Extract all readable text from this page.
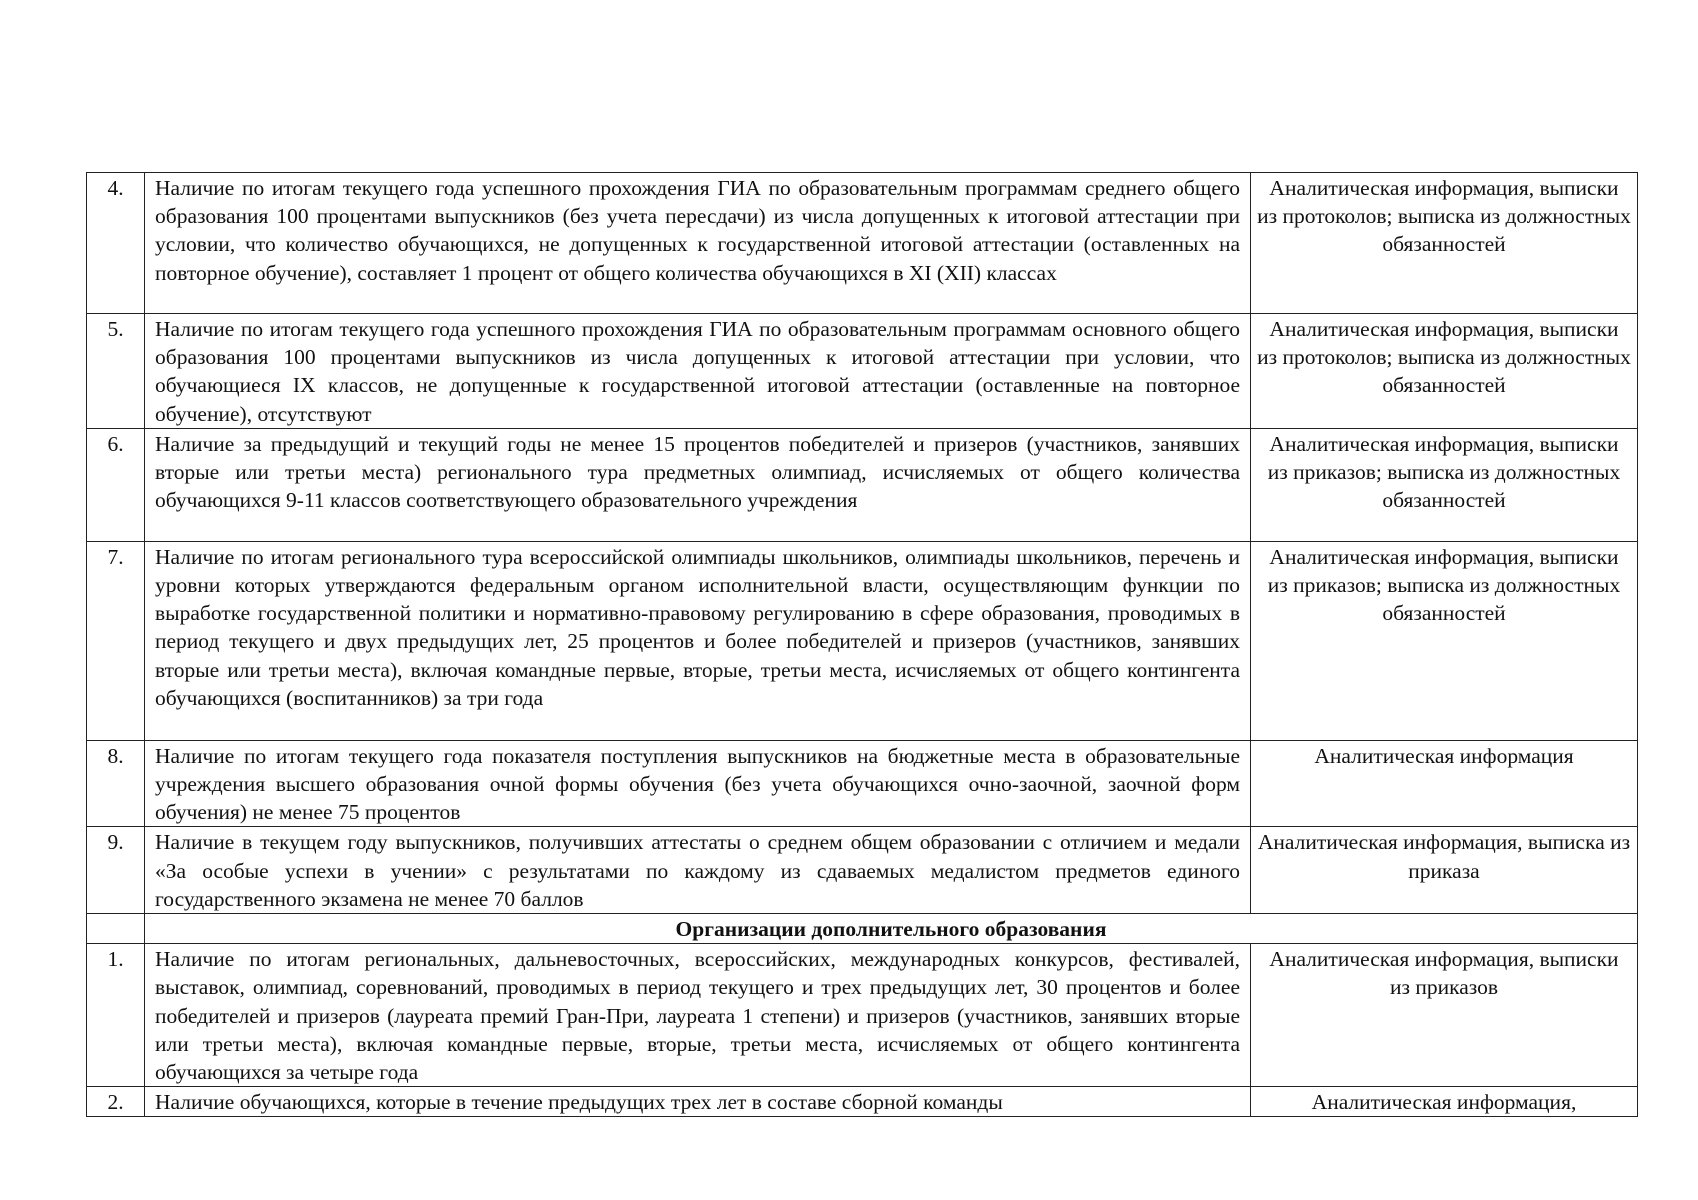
4.	Наличие по итогам текущего года успешного прохождения ГИА по образовательным программам среднего общего образования 100 процентами выпускников (без учета пересдачи) из числа допущенных к итоговой аттестации при условии, что количество обучающихся, не допущенных к государственной итоговой аттестации (оставленных на повторное обучение), составляет 1 процент от общего количества обучающихся в XI (XII) классах	Аналитическая информация, выписки из протоколов; выписка из должностных обязанностей
5.	Наличие по итогам текущего года успешного прохождения ГИА по образовательным программам основного общего образования 100 процентами выпускников из числа допущенных к итоговой аттестации при условии, что обучающиеся IX классов, не допущенные к государственной итоговой аттестации (оставленные на повторное обучение), отсутствуют	Аналитическая информация, выписки из протоколов; выписка из должностных обязанностей
6.	Наличие за предыдущий и текущий годы не менее 15 процентов победителей и призеров (участников, занявших вторые или третьи места) регионального тура предметных олимпиад, исчисляемых от общего количества обучающихся 9-11 классов соответствующего образовательного учреждения	Аналитическая информация, выписки из приказов; выписка из должностных обязанностей
7.	Наличие по итогам регионального тура всероссийской олимпиады школьников, олимпиады школьников, перечень и уровни которых утверждаются федеральным органом исполнительной власти, осуществляющим функции по выработке государственной политики и нормативно-правовому регулированию в сфере образования, проводимых в период текущего и двух предыдущих лет, 25 процентов и более победителей и призеров (участников, занявших вторые или третьи места), включая командные первые, вторые, третьи места, исчисляемых от общего контингента обучающихся (воспитанников) за три года	Аналитическая информация, выписки из приказов; выписка из должностных обязанностей
8.	Наличие по итогам текущего года показателя поступления выпускников на бюджетные места в образовательные учреждения высшего образования очной формы обучения (без учета обучающихся очно-заочной, заочной форм обучения) не менее 75 процентов	Аналитическая информация
9.	Наличие в текущем году выпускников, получивших аттестаты о среднем общем образовании с отличием и медали «За особые успехи в учении» с результатами по каждому из сдаваемых медалистом предметов единого государственного экзамена не менее 70 баллов	Аналитическая информация, выписка из приказа
	Организации дополнительного образования	
1.	Наличие по итогам региональных, дальневосточных, всероссийских, международных конкурсов, фестивалей, выставок, олимпиад, соревнований, проводимых в период текущего и трех предыдущих лет, 30 процентов и более победителей и призеров (лауреата премий Гран-При, лауреата 1 степени) и призеров (участников, занявших вторые или третьи места), включая командные первые, вторые, третьи места, исчисляемых от общего контингента обучающихся за четыре года	Аналитическая информация, выписки из приказов
2.	Наличие обучающихся, которые в течение предыдущих трех лет в составе сборной команды	Аналитическая информация,
